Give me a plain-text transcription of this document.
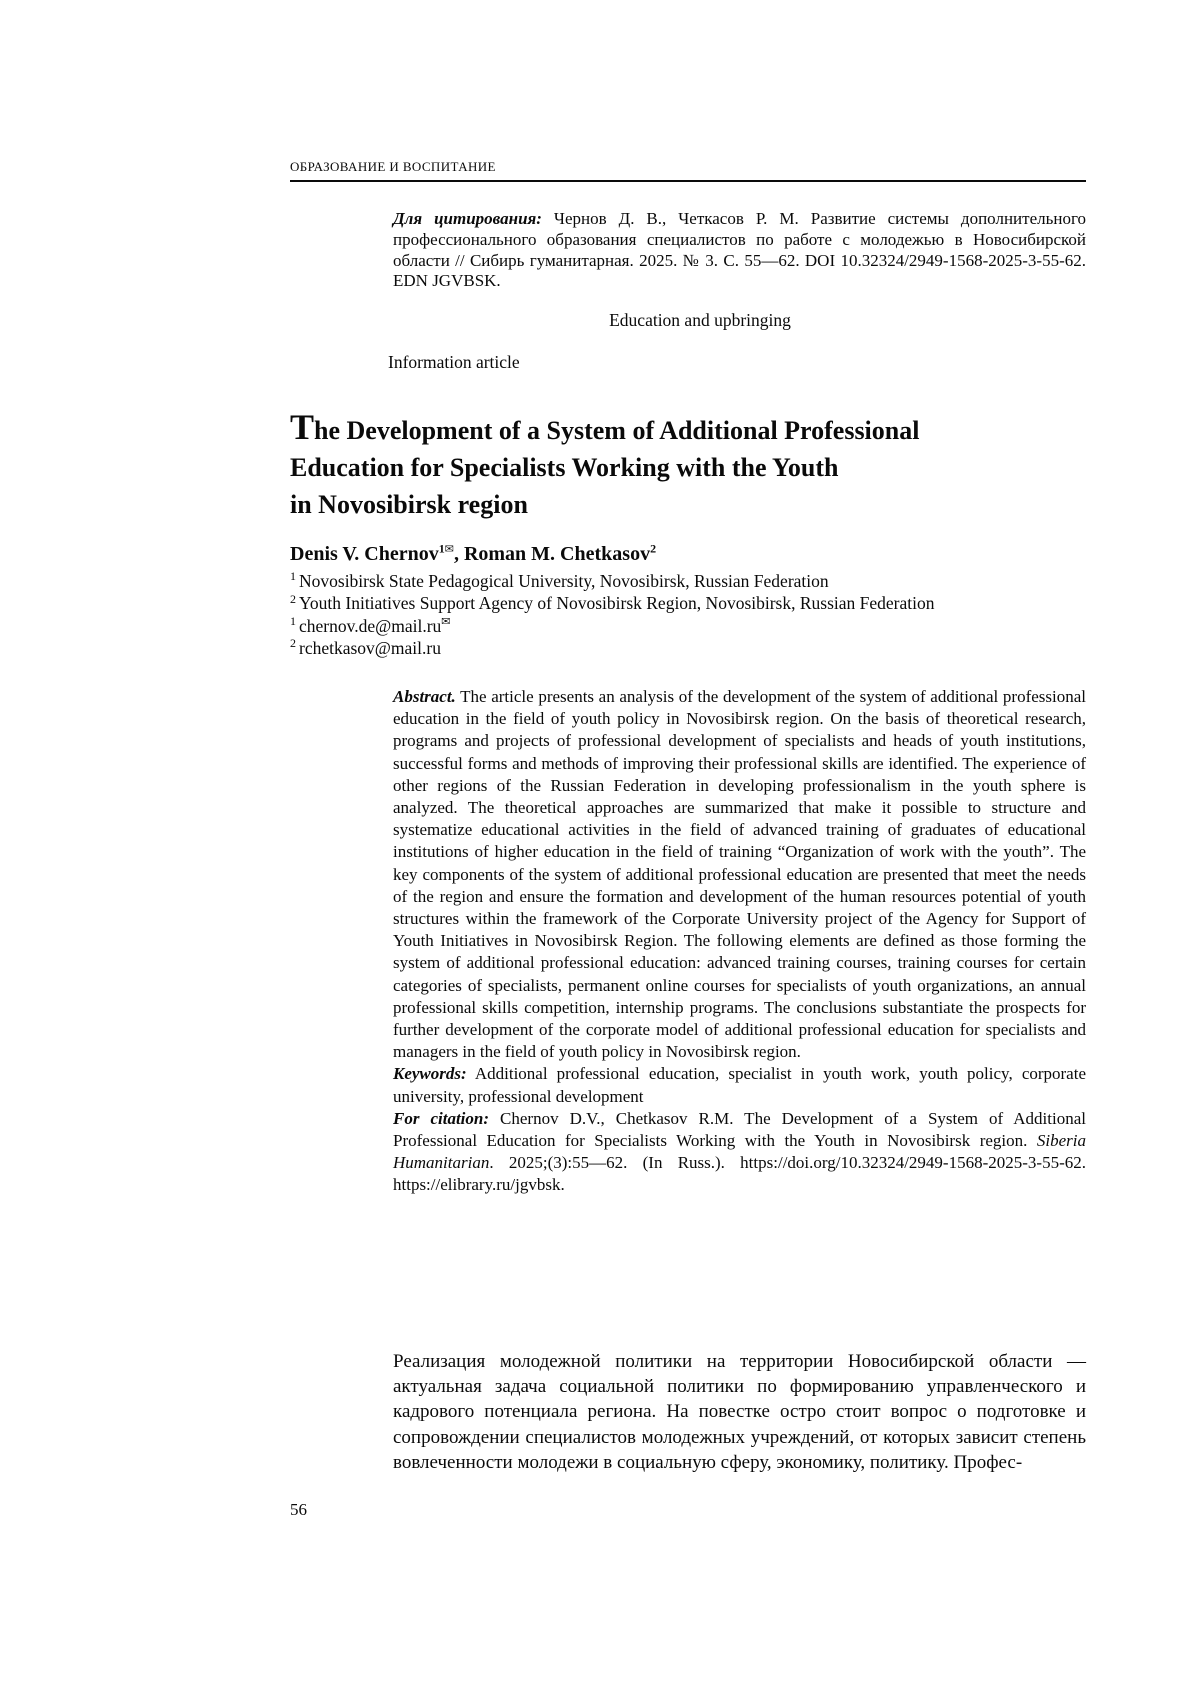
ОБРАЗОВАНИЕ И ВОСПИТАНИЕ

Для цитирования: Чернов Д. В., Четкасов Р. М. Развитие системы дополнительного профессионального образования специалистов по работе с молодежью в Новосибирской области // Сибирь гуманитарная. 2025. № 3. С. 55—62. DOI 10.32324/2949-1568-2025-3-55-62. EDN JGVBSK.

Education and upbringing
Information article
The Development of a System of Additional Professional
Education for Specialists Working with the Youth
in Novosibirsk region
Denis V. Chernov$^{1✉}$, Roman M. Chetkasov$^2$
$^1$ Novosibirsk State Pedagogical University, Novosibirsk, Russian Federation
$^2$ Youth Initiatives Support Agency of Novosibirsk Region, Novosibirsk, Russian Federation
$^1$ chernov.de@mail.ru✉
$^2$ rchetkasov@mail.ru

Abstract. The article presents an analysis of the development of the system of additional professional education in the field of youth policy in Novosibirsk region. On the basis of theoretical research, programs and projects of professional development of specialists and heads of youth institutions, successful forms and methods of improving their professional skills are identified. The experience of other regions of the Russian Federation in developing professionalism in the youth sphere is analyzed. The theoretical approaches are summarized that make it possible to structure and systematize educational activities in the field of advanced training of graduates of educational institutions of higher education in the field of training “Organization of work with the youth”. The key components of the system of additional professional education are presented that meet the needs of the region and ensure the formation and development of the human resources potential of youth structures within the framework of the Corporate University project of the Agency for Support of Youth Initiatives in Novosibirsk Region. The following elements are defined as those forming the system of additional professional education: advanced training courses, training courses for certain categories of specialists, permanent online courses for specialists of youth organizations, an annual professional skills competition, internship programs. The conclusions substantiate the prospects for further development of the corporate model of additional professional education for specialists and managers in the field of youth policy in Novosibirsk region.

Keywords: Additional professional education, specialist in youth work, youth policy, corporate university, professional development

For citation: Chernov D.V., Chetkasov R.M. The Development of a System of Additional Professional Education for Specialists Working with the Youth in Novosibirsk region. Siberia Humanitarian. 2025;(3):55—62. (In Russ.). https://doi.org/10.32324/2949-1568-2025-3-55-62. https://elibrary.ru/jgvbsk.

Реализация молодежной политики на территории Новосибирской области — актуальная задача социальной политики по формированию управленческого и кадрового потенциала региона. На повестке остро стоит вопрос о подготовке и сопровождении специалистов молодежных учреждений, от которых зависит степень вовлеченности молодежи в социальную сферу, экономику, политику. Профес-

56
